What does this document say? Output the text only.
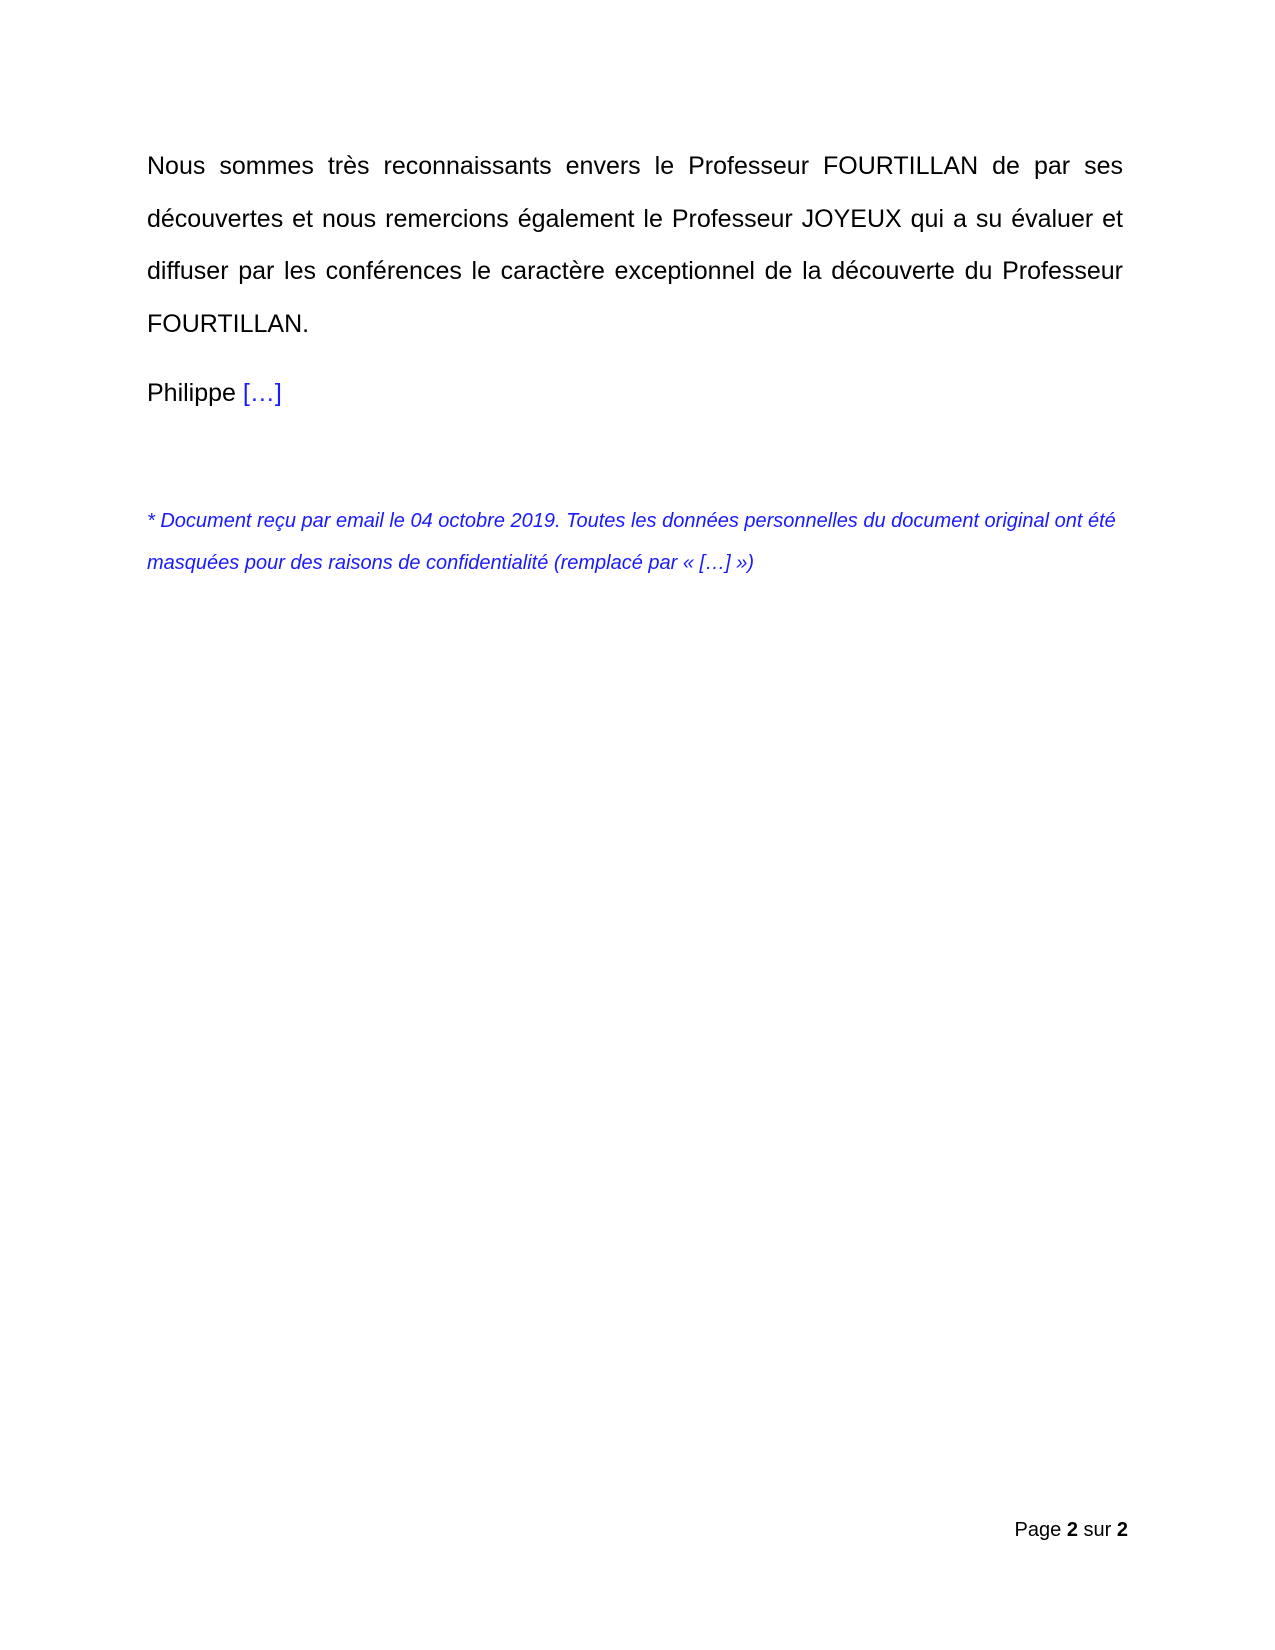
Nous sommes très reconnaissants envers le Professeur FOURTILLAN de par ses découvertes et nous remercions également le Professeur JOYEUX qui a su évaluer et diffuser par les conférences le caractère exceptionnel de la découverte du Professeur FOURTILLAN.

Philippe […]

* Document reçu par email le 04 octobre 2019. Toutes les données personnelles du document original ont été masquées pour des raisons de confidentialité (remplacé par « […] »)

Page 2 sur 2
